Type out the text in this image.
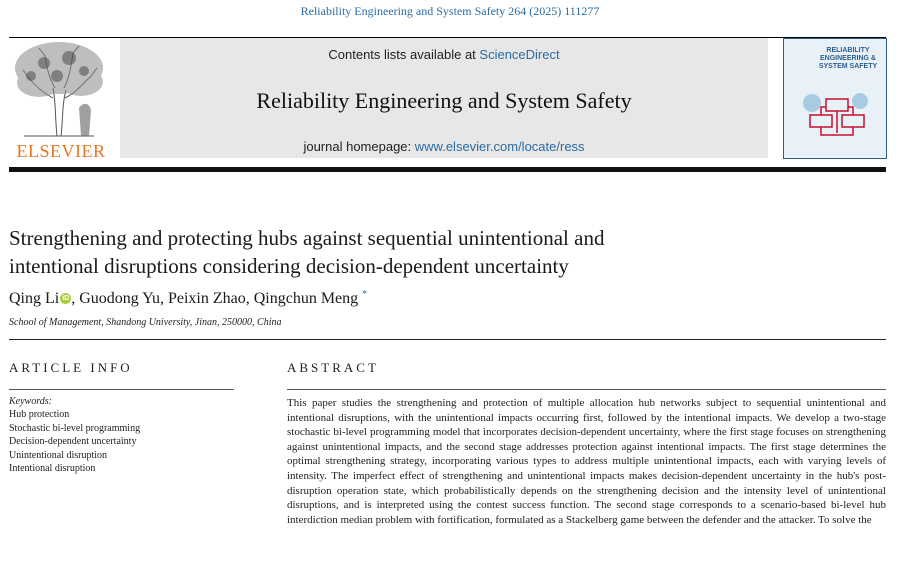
Reliability Engineering and System Safety 264 (2025) 111277
ELSEVIER
Contents lists available at ScienceDirect
Reliability Engineering and System Safety
journal homepage: www.elsevier.com/locate/ress
RELIABILITY ENGINEERING & SYSTEM SAFETY
Strengthening and protecting hubs against sequential unintentional and
intentional disruptions considering decision-dependent uncertainty
Qing Li iD , Guodong Yu, Peixin Zhao, Qingchun Meng *
School of Management, Shandong University, Jinan, 250000, China
ARTICLE INFO	ABSTRACT
Keywords:
Hub protection
Stochastic bi-level programming
Decision-dependent uncertainty
Unintentional disruption
Intentional disruption

This paper studies the strengthening and protection of multiple allocation hub networks subject to sequential unintentional and intentional disruptions, with the unintentional impacts occurring first, followed by the intentional impacts. We develop a two-stage stochastic bi-level programming model that incorporates decision-dependent uncertainty, where the first stage focuses on strengthening against unintentional impacts, and the second stage addresses protection against intentional impacts. The first stage determines the optimal strengthening strategy, incorporating various types to address multiple unintentional impacts, each with varying levels of intensity. The imperfect effect of strengthening and unintentional impacts makes decision-dependent uncertainty in the hub's post-disruption operation state, which probabilistically depends on the strengthening decision and the intensity level of unintentional disruptions, and is interpreted using the contest success function. The second stage corresponds to a scenario-based bi-level hub interdiction median problem with fortification, formulated as a Stackelberg game between the defender and the attacker. To solve the
